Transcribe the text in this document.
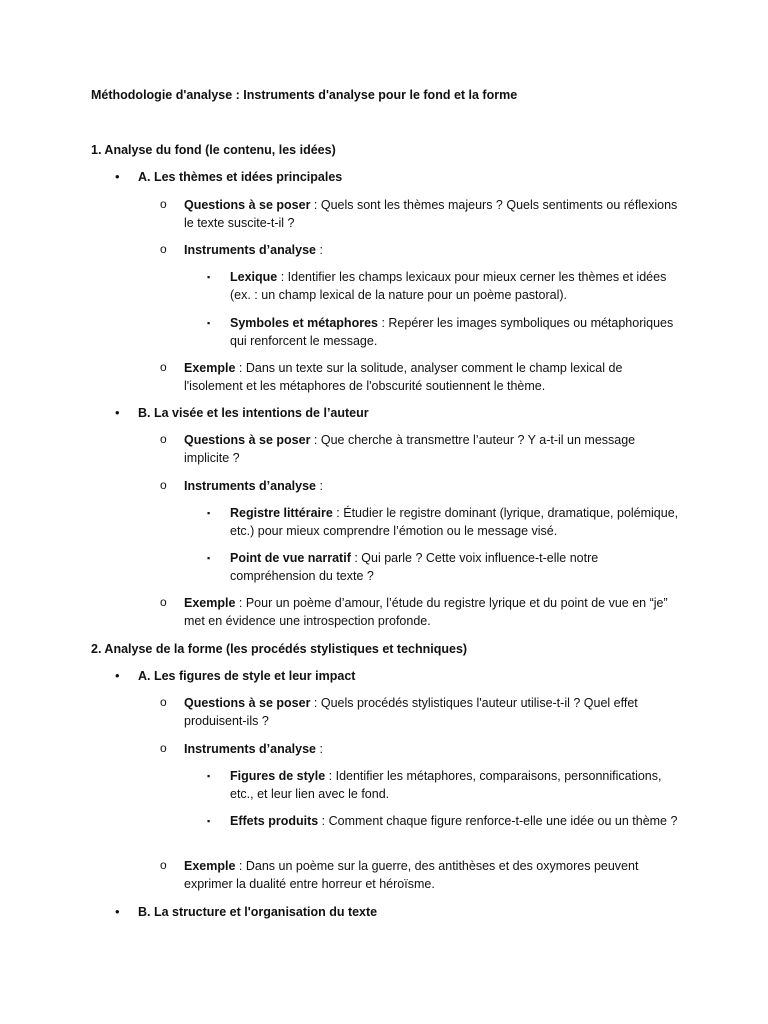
Méthodologie d'analyse : Instruments d'analyse pour le fond et la forme
1. Analyse du fond (le contenu, les idées)
• A. Les thèmes et idées principales
o Questions à se poser : Quels sont les thèmes majeurs ? Quels sentiments ou réflexions le texte suscite-t-il ?
o Instruments d’analyse :
▪ Lexique : Identifier les champs lexicaux pour mieux cerner les thèmes et idées (ex. : un champ lexical de la nature pour un poème pastoral).
▪ Symboles et métaphores : Repérer les images symboliques ou métaphoriques qui renforcent le message.
o Exemple : Dans un texte sur la solitude, analyser comment le champ lexical de l'isolement et les métaphores de l'obscurité soutiennent le thème.
• B. La visée et les intentions de l’auteur
o Questions à se poser : Que cherche à transmettre l’auteur ? Y a-t-il un message implicite ?
o Instruments d’analyse :
▪ Registre littéraire : Étudier le registre dominant (lyrique, dramatique, polémique, etc.) pour mieux comprendre l’émotion ou le message visé.
▪ Point de vue narratif : Qui parle ? Cette voix influence-t-elle notre compréhension du texte ?
o Exemple : Pour un poème d’amour, l’étude du registre lyrique et du point de vue en “je” met en évidence une introspection profonde.
2. Analyse de la forme (les procédés stylistiques et techniques)
• A. Les figures de style et leur impact
o Questions à se poser : Quels procédés stylistiques l'auteur utilise-t-il ? Quel effet produisent-ils ?
o Instruments d’analyse :
▪ Figures de style : Identifier les métaphores, comparaisons, personnifications, etc., et leur lien avec le fond.
▪ Effets produits : Comment chaque figure renforce-t-elle une idée ou un thème ?
o Exemple : Dans un poème sur la guerre, des antithèses et des oxymores peuvent exprimer la dualité entre horreur et héroïsme.
• B. La structure et l'organisation du texte
